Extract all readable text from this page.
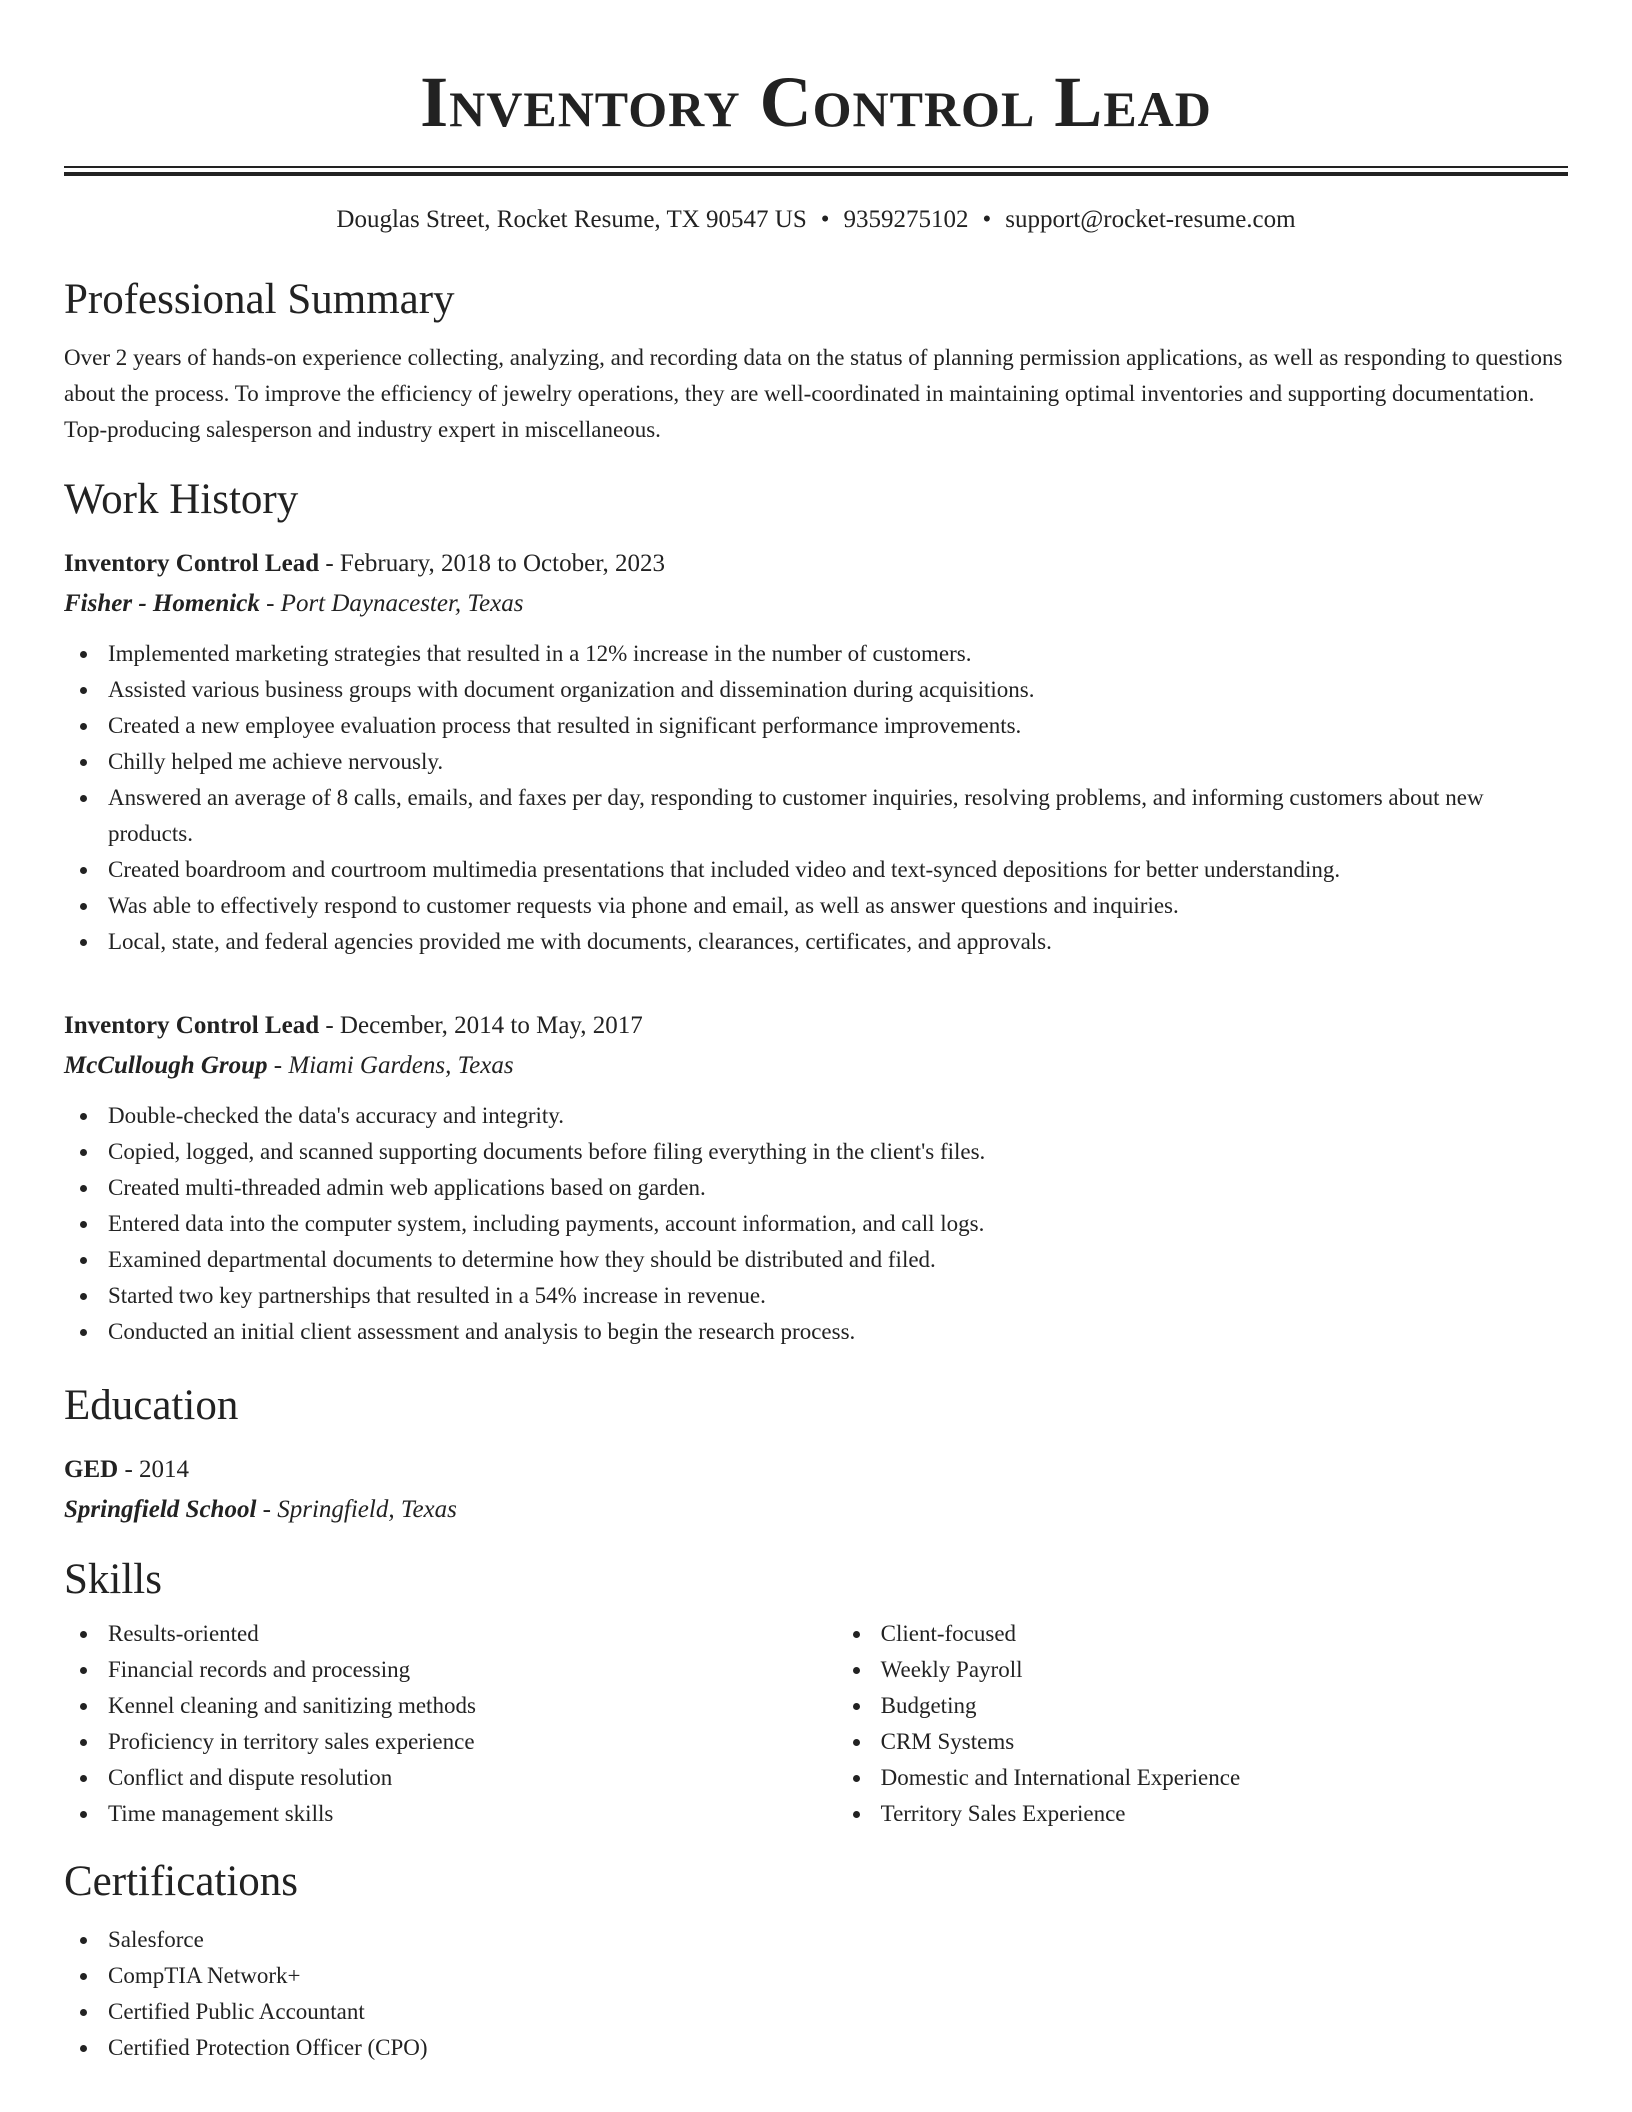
Inventory Control Lead
Douglas Street, Rocket Resume, TX 90547 US • 9359275102 • support@rocket-resume.com
Professional Summary

Over 2 years of hands-on experience collecting, analyzing, and recording data on the status of planning permission applications, as well as responding to questions about the process. To improve the efficiency of jewelry operations, they are well-coordinated in maintaining optimal inventories and supporting documentation. Top-producing salesperson and industry expert in miscellaneous.

Work History
Inventory Control Lead - February, 2018 to October, 2023
Fisher - Homenick - Port Daynacester, Texas
Implemented marketing strategies that resulted in a 12% increase in the number of customers.
Assisted various business groups with document organization and dissemination during acquisitions.
Created a new employee evaluation process that resulted in significant performance improvements.
Chilly helped me achieve nervously.
Answered an average of 8 calls, emails, and faxes per day, responding to customer inquiries, resolving problems, and informing customers about new products.
Created boardroom and courtroom multimedia presentations that included video and text-synced depositions for better understanding.
Was able to effectively respond to customer requests via phone and email, as well as answer questions and inquiries.
Local, state, and federal agencies provided me with documents, clearances, certificates, and approvals.
Inventory Control Lead - December, 2014 to May, 2017
McCullough Group - Miami Gardens, Texas
Double-checked the data's accuracy and integrity.
Copied, logged, and scanned supporting documents before filing everything in the client's files.
Created multi-threaded admin web applications based on garden.
Entered data into the computer system, including payments, account information, and call logs.
Examined departmental documents to determine how they should be distributed and filed.
Started two key partnerships that resulted in a 54% increase in revenue.
Conducted an initial client assessment and analysis to begin the research process.
Education
GED - 2014
Springfield School - Springfield, Texas
Skills
Results-oriented
Financial records and processing
Kennel cleaning and sanitizing methods
Proficiency in territory sales experience
Conflict and dispute resolution
Time management skills
Client-focused
Weekly Payroll
Budgeting
CRM Systems
Domestic and International Experience
Territory Sales Experience
Certifications
Salesforce
CompTIA Network+
Certified Public Accountant
Certified Protection Officer (CPO)
